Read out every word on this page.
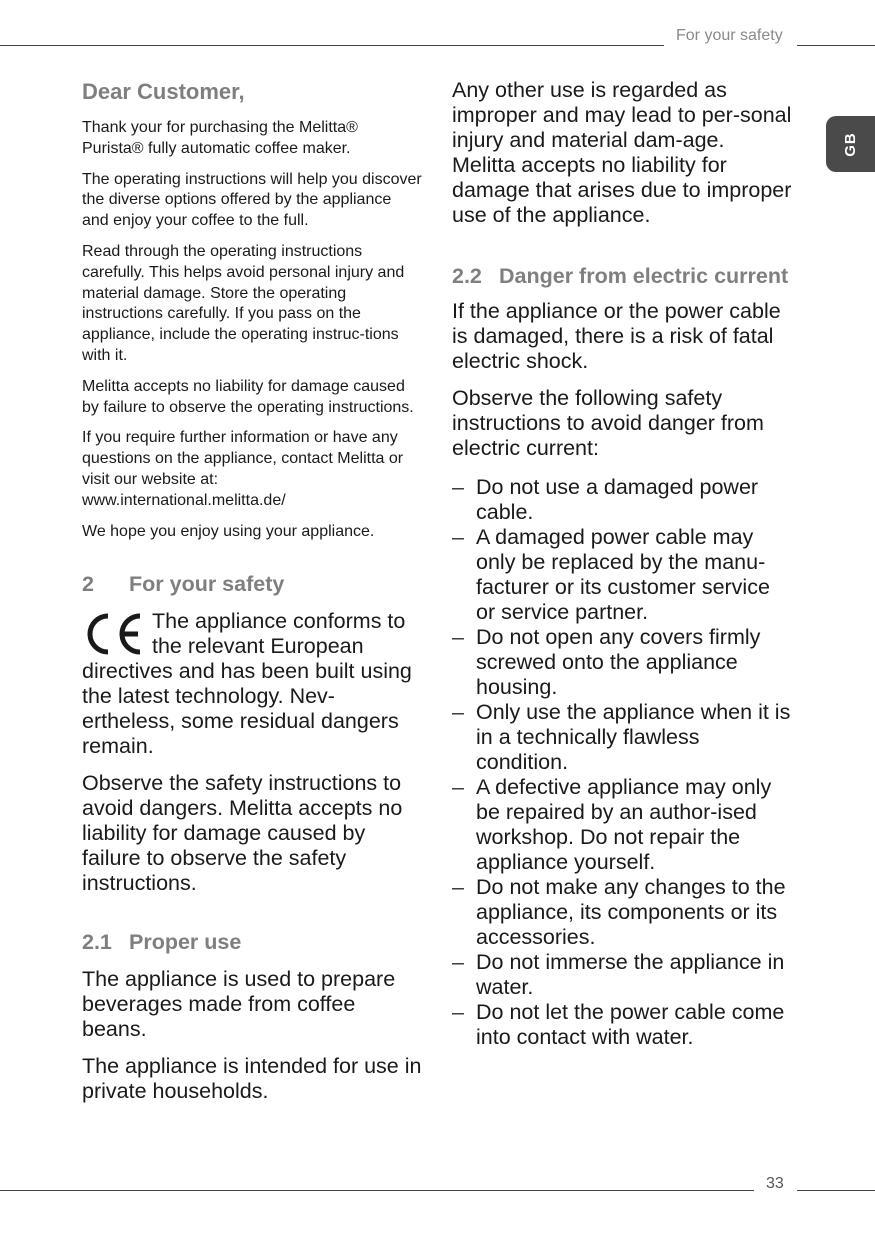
For your safety
GB
Dear Customer,

Thank your for purchasing the Melitta® Purista® fully automatic coffee maker.

The operating instructions will help you discover the diverse options offered by the appliance and enjoy your coffee to the full.

Read through the operating instructions carefully. This helps avoid personal injury and material damage. Store the operating instructions carefully. If you pass on the appliance, include the operating instruc-tions with it.

Melitta accepts no liability for damage caused by failure to observe the operating instructions.

If you require further information or have any questions on the appliance, contact Melitta or visit our website at: www.international.melitta.de/

We hope you enjoy using your appliance.

2	For your safety
The appliance conforms to the relevant European directives and has been built using the latest technology. Nev-ertheless, some residual dangers remain.

Observe the safety instructions to avoid dangers. Melitta accepts no liability for damage caused by failure to observe the safety instructions.

2.1 Proper use

The appliance is used to prepare beverages made from coffee beans.

The appliance is intended for use in private households.

Any other use is regarded as improper and may lead to per-sonal injury and material dam-age. Melitta accepts no liability for damage that arises due to improper use of the appliance.

2.2 Danger from electric current

If the appliance or the power cable is damaged, there is a risk of fatal electric shock.

Observe the following safety instructions to avoid danger from electric current:

– Do not use a damaged power cable.
– A damaged power cable may only be replaced by the manu-facturer or its customer service or service partner.
– Do not open any covers firmly screwed onto the appliance housing.
– Only use the appliance when it is in a technically flawless condition.
– A defective appliance may only be repaired by an author-ised workshop. Do not repair the appliance yourself.
– Do not make any changes to the appliance, its components or its accessories.
– Do not immerse the appliance in water.
– Do not let the power cable come into contact with water.
33
